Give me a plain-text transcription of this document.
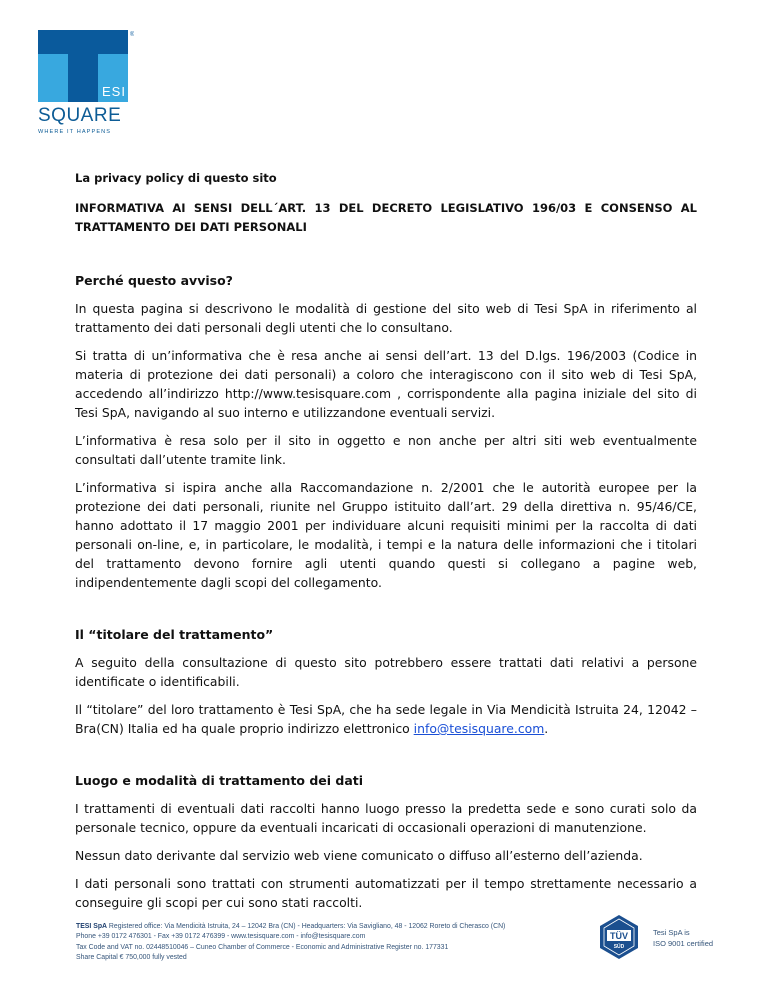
ESI
®
SQUARE
WHERE IT HAPPENS
La privacy policy di questo sito
INFORMATIVA AI SENSI DELL´ART. 13 DEL DECRETO LEGISLATIVO 196/03 E CONSENSO AL TRATTAMENTO DEI DATI PERSONALI
Perché questo avviso?

In questa pagina si descrivono le modalità di gestione del sito web di Tesi SpA in riferimento al trattamento dei dati personali degli utenti che lo consultano.

Si tratta di un’informativa che è resa anche ai sensi dell’art. 13 del D.lgs. 196/2003 (Codice in materia di protezione dei dati personali) a coloro che interagiscono con il sito web di Tesi SpA, accedendo all’indirizzo http://www.tesisquare.com , corrispondente alla pagina iniziale del sito di Tesi SpA, navigando al suo interno e utilizzandone eventuali servizi.

L’informativa è resa solo per il sito in oggetto e non anche per altri siti web eventualmente consultati dall’utente tramite link.

L’informativa si ispira anche alla Raccomandazione n. 2/2001 che le autorità europee per la protezione dei dati personali, riunite nel Gruppo istituito dall’art. 29 della direttiva n. 95/46/CE, hanno adottato il 17 maggio 2001 per individuare alcuni requisiti minimi per la raccolta di dati personali on-line, e, in particolare, le modalità, i tempi e la natura delle informazioni che i titolari del trattamento devono fornire agli utenti quando questi si collegano a pagine web, indipendentemente dagli scopi del collegamento.

Il “titolare del trattamento”

A seguito della consultazione di questo sito potrebbero essere trattati dati relativi a persone identificate o identificabili.

Il “titolare” del loro trattamento è Tesi SpA, che ha sede legale in Via Mendicità Istruita 24, 12042 – Bra(CN) Italia ed ha quale proprio indirizzo elettronico info@tesisquare.com.

Luogo e modalità di trattamento dei dati

I trattamenti di eventuali dati raccolti hanno luogo presso la predetta sede e sono curati solo da personale tecnico, oppure da eventuali incaricati di occasionali operazioni di manutenzione.

Nessun dato derivante dal servizio web viene comunicato o diffuso all’esterno dell’azienda.

I dati personali sono trattati con strumenti automatizzati per il tempo strettamente necessario a conseguire gli scopi per cui sono stati raccolti.

TESI SpA Registered office: Via Mendicità Istruita, 24 – 12042 Bra (CN) - Headquarters: Via Savigliano, 48 - 12062 Roreto di Cherasco (CN)
Phone +39 0172 476301 - Fax +39 0172 476399 - www.tesisquare.com - info@tesisquare.com
Tax Code and VAT no. 02448510046 – Cuneo Chamber of Commerce - Economic and Administrative Register no. 177331
Share Capital € 750,000 fully vested
TÜV
SÜD
Tesi SpA is
ISO 9001 certified
